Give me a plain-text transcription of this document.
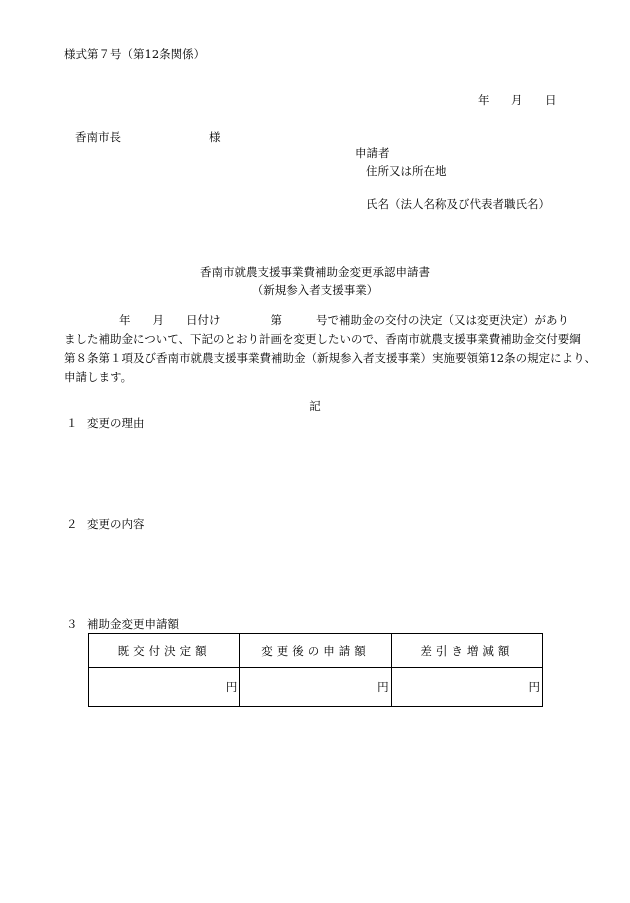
様式第７号（第12条関係）
年 月 日
香南市長	様
申請者
住所又は所在地
氏名（法人名称及び代表者職氏名）
香南市就農支援事業費補助金変更承認申請書
（新規参入者支援事業）
年 月 日付け	第	号で補助金の交付の決定（又は変更決定）があり
ました補助金について、下記のとおり計画を変更したいので、香南市就農支援事業費補助金交付要綱
第８条第１項及び香南市就農支援事業費補助金（新規参入者支援事業）実施要領第12条の規定により、
申請します。
記
１ 変更の理由
２ 変更の内容
３ 補助金変更申請額
既交付決定額	変更後の申請額	差引き増減額
円	円	円
